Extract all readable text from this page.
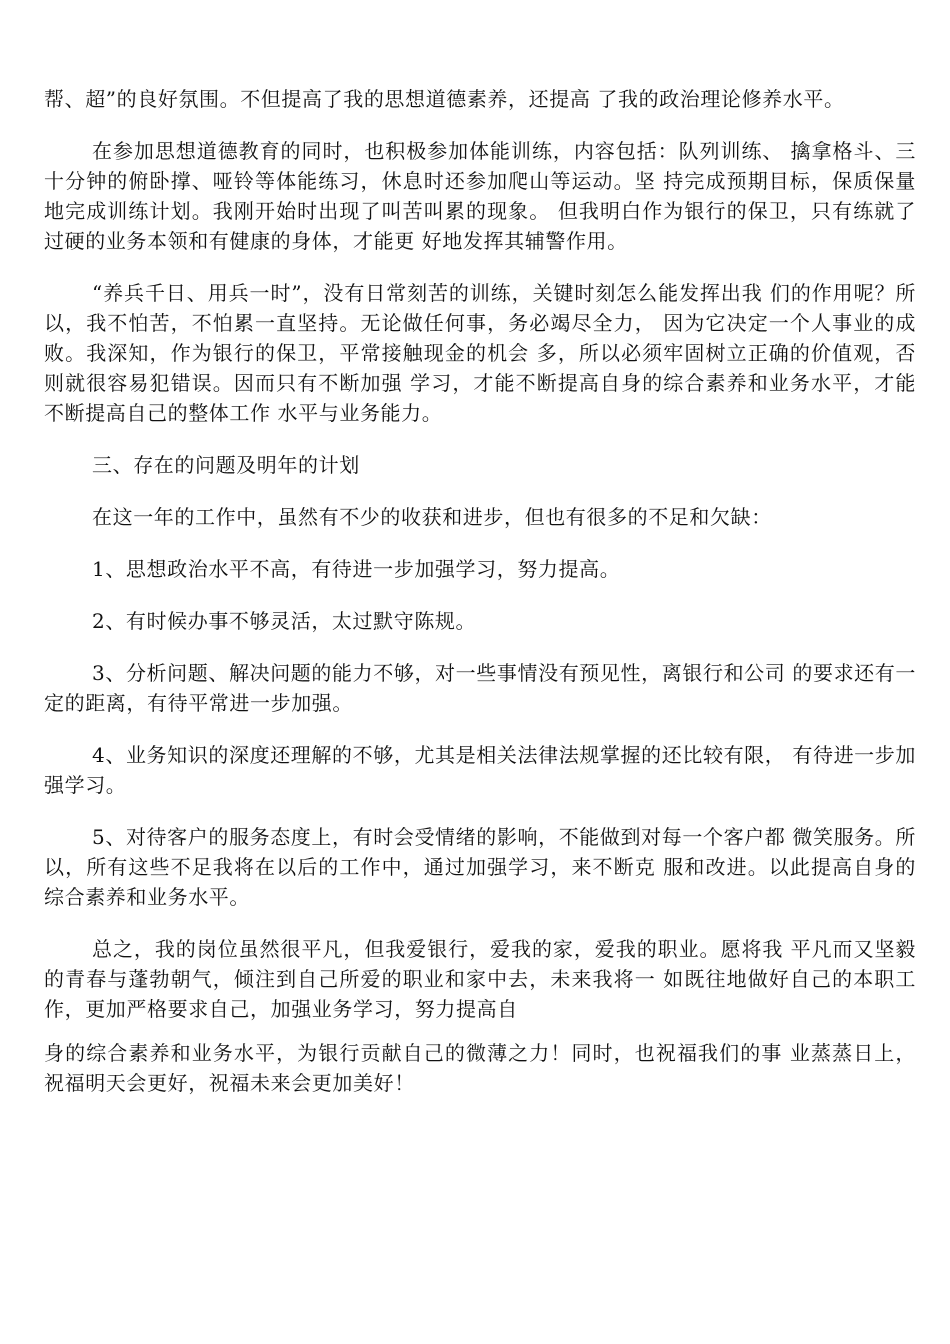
帮、超”的良好氛围。不但提高了我的思想道德素养，还提高 了我的政治理论修养水平。

在参加思想道德教育的同时，也积极参加体能训练，内容包括：队列训练、 擒拿格斗、三十分钟的俯卧撑、哑铃等体能练习，休息时还参加爬山等运动。坚 持完成预期目标，保质保量地完成训练计划。我刚开始时出现了叫苦叫累的现象。 但我明白作为银行的保卫，只有练就了过硬的业务本领和有健康的身体，才能更 好地发挥其辅警作用。

“养兵千日、用兵一时”，没有日常刻苦的训练，关键时刻怎么能发挥出我 们的作用呢？所以，我不怕苦，不怕累一直坚持。无论做任何事，务必竭尽全力， 因为它决定一个人事业的成败。我深知，作为银行的保卫，平常接触现金的机会 多，所以必须牢固树立正确的价值观，否则就很容易犯错误。因而只有不断加强 学习，才能不断提高自身的综合素养和业务水平，才能不断提高自己的整体工作 水平与业务能力。

三、存在的问题及明年的计划

在这一年的工作中，虽然有不少的收获和进步，但也有很多的不足和欠缺：

1、思想政治水平不高，有待进一步加强学习，努力提高。

2、有时候办事不够灵活，太过默守陈规。

3、分析问题、解决问题的能力不够，对一些事情没有预见性，离银行和公司 的要求还有一定的距离，有待平常进一步加强。

4、业务知识的深度还理解的不够，尤其是相关法律法规掌握的还比较有限， 有待进一步加强学习。

5、对待客户的服务态度上，有时会受情绪的影响，不能做到对每一个客户都 微笑服务。所以，所有这些不足我将在以后的工作中，通过加强学习，来不断克 服和改进。以此提高自身的综合素养和业务水平。

总之，我的岗位虽然很平凡，但我爱银行，爱我的家，爱我的职业。愿将我 平凡而又坚毅的青春与蓬勃朝气，倾注到自己所爱的职业和家中去，未来我将一 如既往地做好自己的本职工作，更加严格要求自己，加强业务学习，努力提高自

身的综合素养和业务水平，为银行贡献自己的微薄之力！同时，也祝福我们的事 业蒸蒸日上，祝福明天会更好，祝福未来会更加美好！
